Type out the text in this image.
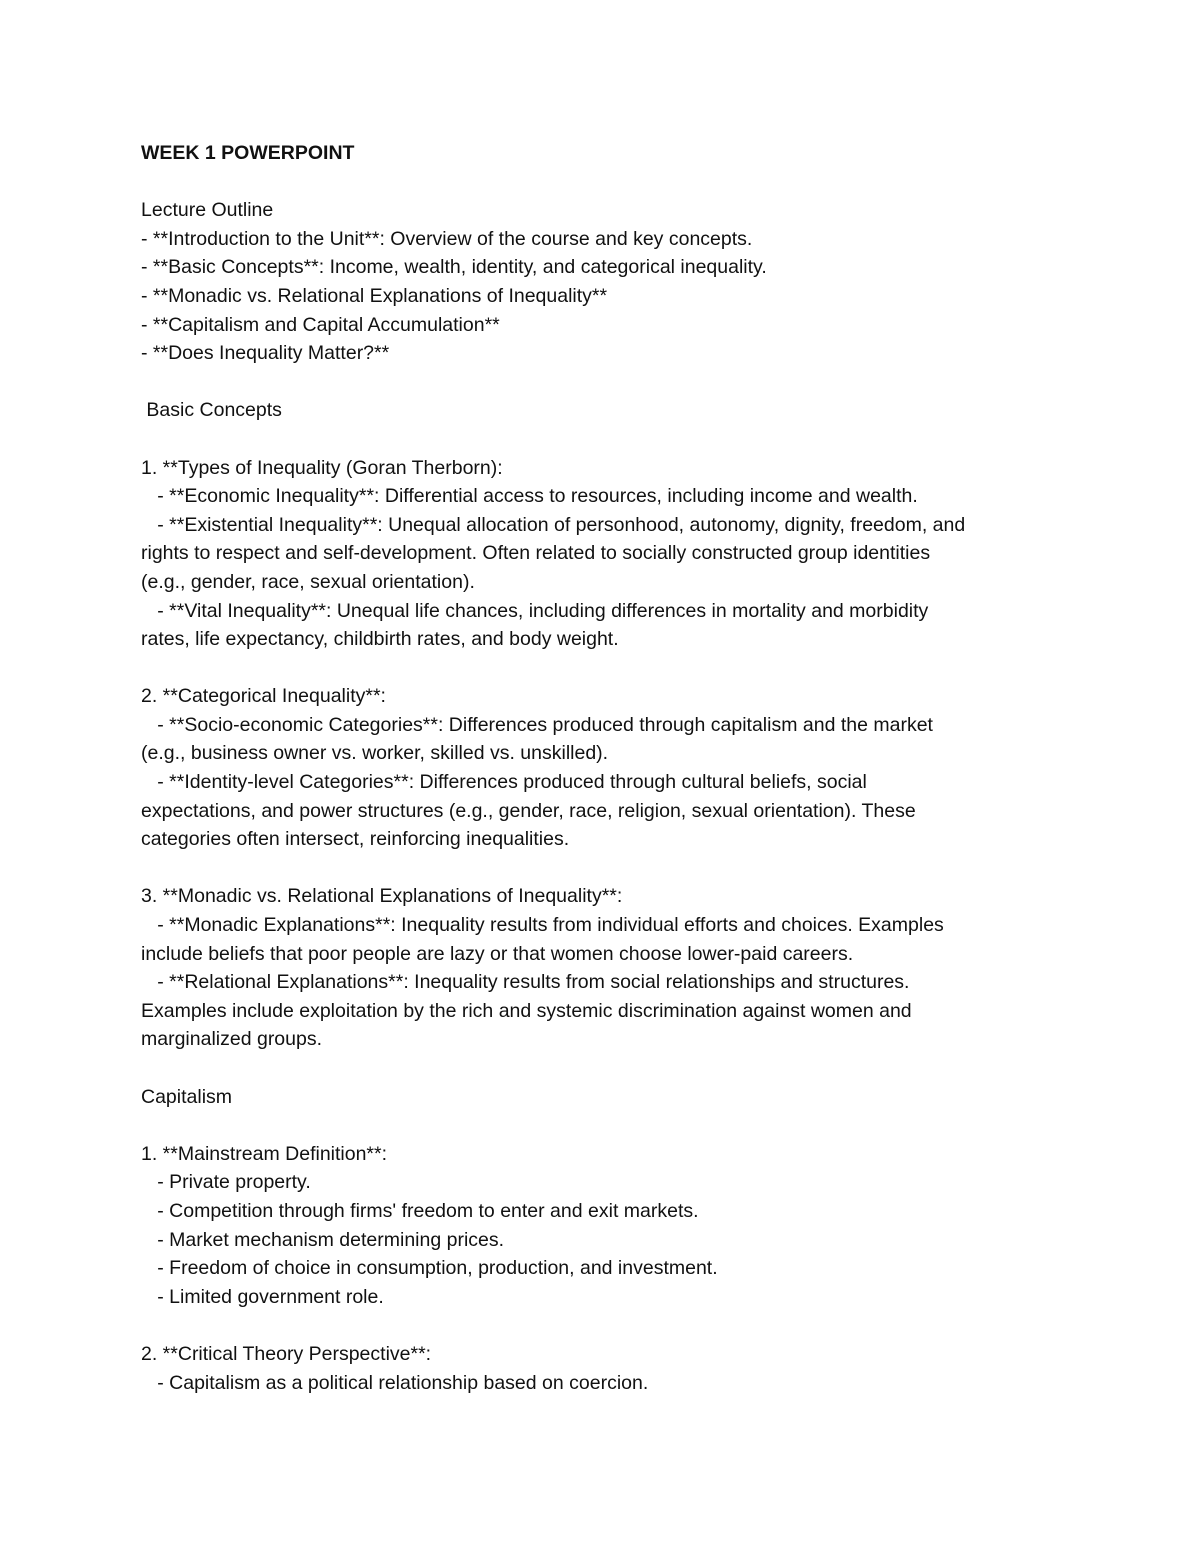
WEEK 1 POWERPOINT

Lecture Outline

- **Introduction to the Unit**: Overview of the course and key concepts.

- **Basic Concepts**: Income, wealth, identity, and categorical inequality.

- **Monadic vs. Relational Explanations of Inequality**

- **Capitalism and Capital Accumulation**

- **Does Inequality Matter?**

Basic Concepts

1. **Types of Inequality (Goran Therborn):

- **Economic Inequality**: Differential access to resources, including income and wealth.

- **Existential Inequality**: Unequal allocation of personhood, autonomy, dignity, freedom, and

rights to respect and self-development. Often related to socially constructed group identities

(e.g., gender, race, sexual orientation).

- **Vital Inequality**: Unequal life chances, including differences in mortality and morbidity

rates, life expectancy, childbirth rates, and body weight.

2. **Categorical Inequality**:

- **Socio-economic Categories**: Differences produced through capitalism and the market

(e.g., business owner vs. worker, skilled vs. unskilled).

- **Identity-level Categories**: Differences produced through cultural beliefs, social

expectations, and power structures (e.g., gender, race, religion, sexual orientation). These

categories often intersect, reinforcing inequalities.

3. **Monadic vs. Relational Explanations of Inequality**:

- **Monadic Explanations**: Inequality results from individual efforts and choices. Examples

include beliefs that poor people are lazy or that women choose lower-paid careers.

- **Relational Explanations**: Inequality results from social relationships and structures.

Examples include exploitation by the rich and systemic discrimination against women and

marginalized groups.

Capitalism

1. **Mainstream Definition**:

- Private property.

- Competition through firms' freedom to enter and exit markets.

- Market mechanism determining prices.

- Freedom of choice in consumption, production, and investment.

- Limited government role.

2. **Critical Theory Perspective**:

- Capitalism as a political relationship based on coercion.
